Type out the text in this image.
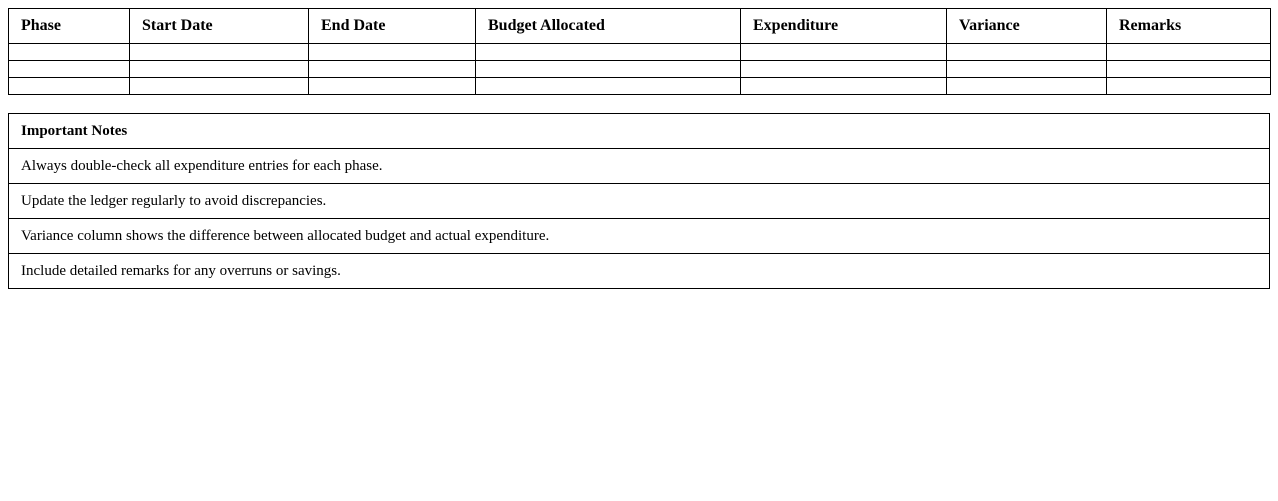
Phase	Start Date	End Date	Budget Allocated	Expenditure	Variance	Remarks

Important Notes
Always double-check all expenditure entries for each phase.
Update the ledger regularly to avoid discrepancies.
Variance column shows the difference between allocated budget and actual expenditure.
Include detailed remarks for any overruns or savings.
